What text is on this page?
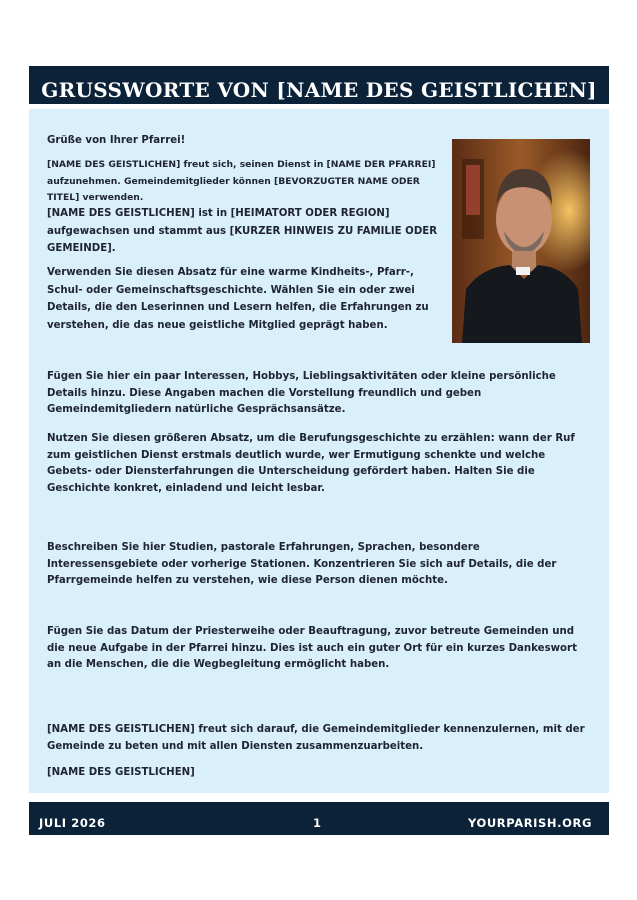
GRUSSWORTE VON [NAME DES GEISTLICHEN]

Grüße von Ihrer Pfarrei!

[NAME DES GEISTLICHEN] freut sich, seinen Dienst in [NAME DER PFARREI] aufzunehmen. Gemeindemitglieder können [BEVORZUGTER NAME ODER TITEL] verwenden.

[NAME DES GEISTLICHEN] ist in [HEIMATORT ODER REGION] aufgewachsen und stammt aus [KURZER HINWEIS ZU FAMILIE ODER GEMEINDE].

Verwenden Sie diesen Absatz für eine warme Kindheits-, Pfarr-, Schul- oder Gemeinschaftsgeschichte. Wählen Sie ein oder zwei Details, die den Leserinnen und Lesern helfen, die Erfahrungen zu verstehen, die das neue geistliche Mitglied geprägt haben.

Fügen Sie hier ein paar Interessen, Hobbys, Lieblingsaktivitäten oder kleine persönliche Details hinzu. Diese Angaben machen die Vorstellung freundlich und geben Gemeindemitgliedern natürliche Gesprächsansätze.

Nutzen Sie diesen größeren Absatz, um die Berufungsgeschichte zu erzählen: wann der Ruf zum geistlichen Dienst erstmals deutlich wurde, wer Ermutigung schenkte und welche Gebets- oder Diensterfahrungen die Unterscheidung gefördert haben. Halten Sie die Geschichte konkret, einladend und leicht lesbar.

Beschreiben Sie hier Studien, pastorale Erfahrungen, Sprachen, besondere Interessensgebiete oder vorherige Stationen. Konzentrieren Sie sich auf Details, die der Pfarrgemeinde helfen zu verstehen, wie diese Person dienen möchte.

Fügen Sie das Datum der Priesterweihe oder Beauftragung, zuvor betreute Gemeinden und die neue Aufgabe in der Pfarrei hinzu. Dies ist auch ein guter Ort für ein kurzes Dankeswort an die Menschen, die die Wegbegleitung ermöglicht haben.

[NAME DES GEISTLICHEN] freut sich darauf, die Gemeindemitglieder kennenzulernen, mit der Gemeinde zu beten und mit allen Diensten zusammenzuarbeiten.

[NAME DES GEISTLICHEN]

JULI 2026	1	YOURPARISH.ORG
